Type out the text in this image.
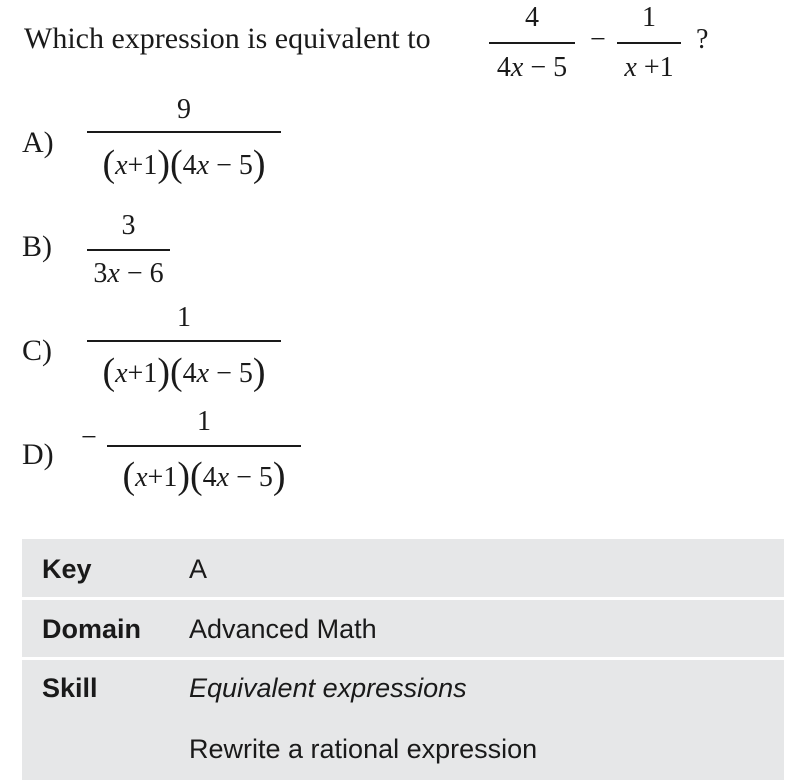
Which expression is equivalent to
4
4x − 5
−
1
x +1
?
A)
9
(x+1)(4x − 5)
B)
3
3x − 6
C)
1
(x+1)(4x − 5)
D)
−
1
(x+1)(4x − 5)
Key	A
Domain Advanced Math
Skill	Equivalent expressions
Rewrite a rational expression
